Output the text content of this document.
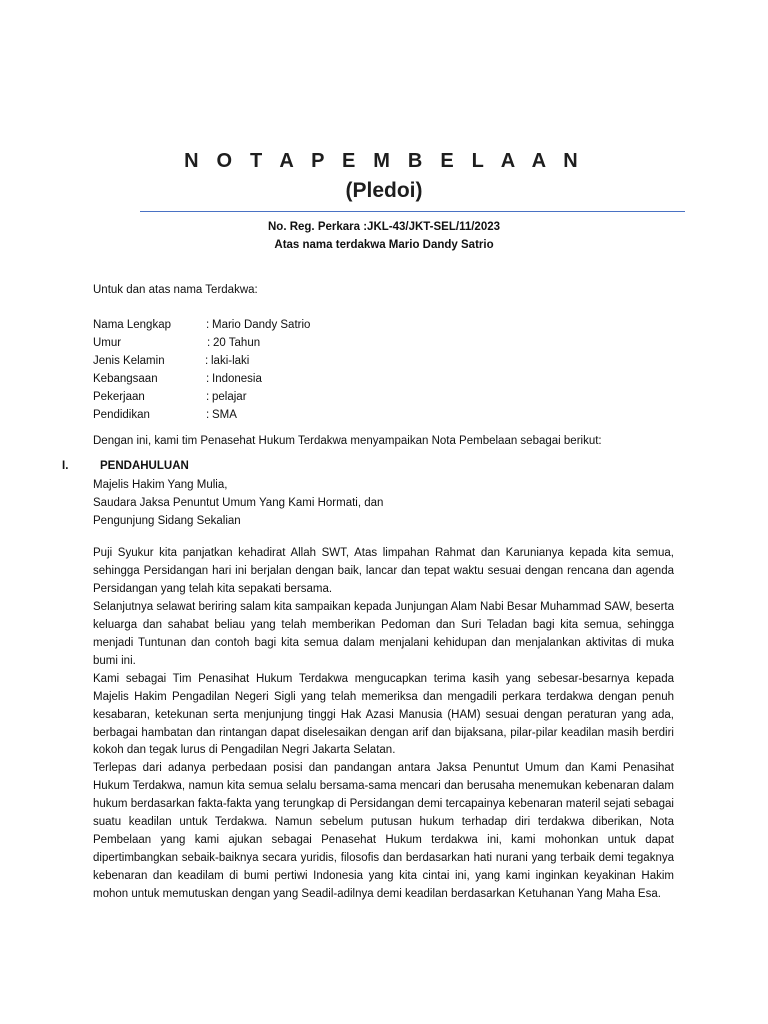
N O T A P E M B E L A A N
(Pledoi)
No. Reg. Perkara :JKL-43/JKT-SEL/11/2023
Atas nama terdakwa Mario Dandy Satrio
Untuk dan atas nama Terdakwa:
Nama Lengkap	: Mario Dandy Satrio
Umur	: 20 Tahun
Jenis Kelamin	: laki-laki
Kebangsaan	: Indonesia
Pekerjaan	: pelajar
Pendidikan	: SMA
Dengan ini, kami tim Penasehat Hukum Terdakwa menyampaikan Nota Pembelaan sebagai berikut:
I.	PENDAHULUAN
Majelis Hakim Yang Mulia,
Saudara Jaksa Penuntut Umum Yang Kami Hormati, dan
Pengunjung Sidang Sekalian

Puji Syukur kita panjatkan kehadirat Allah SWT, Atas limpahan Rahmat dan Karunianya kepada kita semua, sehingga Persidangan hari ini berjalan dengan baik, lancar dan tepat waktu sesuai dengan rencana dan agenda Persidangan yang telah kita sepakati bersama.

Selanjutnya selawat beriring salam kita sampaikan kepada Junjungan Alam Nabi Besar Muhammad SAW, beserta keluarga dan sahabat beliau yang telah memberikan Pedoman dan Suri Teladan bagi kita semua, sehingga menjadi Tuntunan dan contoh bagi kita semua dalam menjalani kehidupan dan menjalankan aktivitas di muka bumi ini.

Kami sebagai Tim Penasihat Hukum Terdakwa mengucapkan terima kasih yang sebesar-besarnya kepada Majelis Hakim Pengadilan Negeri Sigli yang telah memeriksa dan mengadili perkara terdakwa dengan penuh kesabaran, ketekunan serta menjunjung tinggi Hak Azasi Manusia (HAM) sesuai dengan peraturan yang ada, berbagai hambatan dan rintangan dapat diselesaikan dengan arif dan bijaksana, pilar-pilar keadilan masih berdiri kokoh dan tegak lurus di Pengadilan Negri Jakarta Selatan.

Terlepas dari adanya perbedaan posisi dan pandangan antara Jaksa Penuntut Umum dan Kami Penasihat Hukum Terdakwa, namun kita semua selalu bersama-sama mencari dan berusaha menemukan kebenaran dalam hukum berdasarkan fakta-fakta yang terungkap di Persidangan demi tercapainya kebenaran materil sejati sebagai suatu keadilan untuk Terdakwa. Namun sebelum putusan hukum terhadap diri terdakwa diberikan, Nota Pembelaan yang kami ajukan sebagai Penasehat Hukum terdakwa ini, kami mohonkan untuk dapat dipertimbangkan sebaik-baiknya secara yuridis, filosofis dan berdasarkan hati nurani yang terbaik demi tegaknya kebenaran dan keadilam di bumi pertiwi Indonesia yang kita cintai ini, yang kami inginkan keyakinan Hakim mohon untuk memutuskan dengan yang Seadil-adilnya demi keadilan berdasarkan Ketuhanan Yang Maha Esa.
